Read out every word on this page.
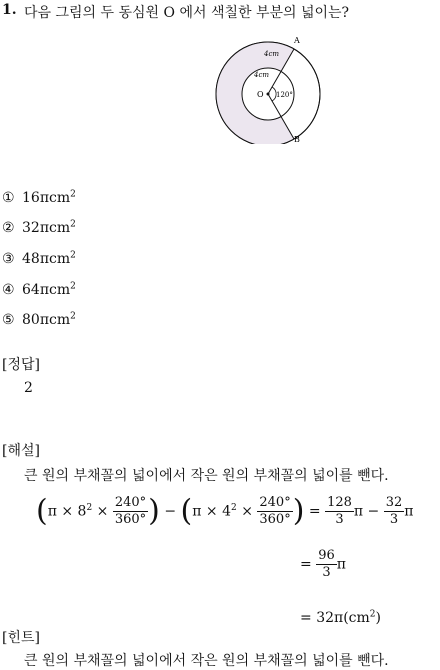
1. 다음 그림의 두 동심원 O 에서 색칠한 부분의 넓이는?
A
B
O
4cm
4cm
120°
① 16πcm$^2$
② 32πcm$^2$
③ 48πcm$^2$
④ 64πcm$^2$
⑤ 80πcm$^2$
[정답]
2
[해설]
큰 원의 부채꼴의 넓이에서 작은 원의 부채꼴의 넓이를 뺀다.
($\pi \times 8^2 \times \frac{240^\circ}{360^\circ}$ ) − ($\pi \times 4^2 \times \frac{240^\circ}{360^\circ}$ ) = $\frac{128}{3}$ $\pi - \frac{32}{3}$ π
= $\frac{96}{3}$ π
= $32\pi(cm^2)$
[힌트]
큰 원의 부채꼴의 넓이에서 작은 원의 부채꼴의 넓이를 뺀다.
